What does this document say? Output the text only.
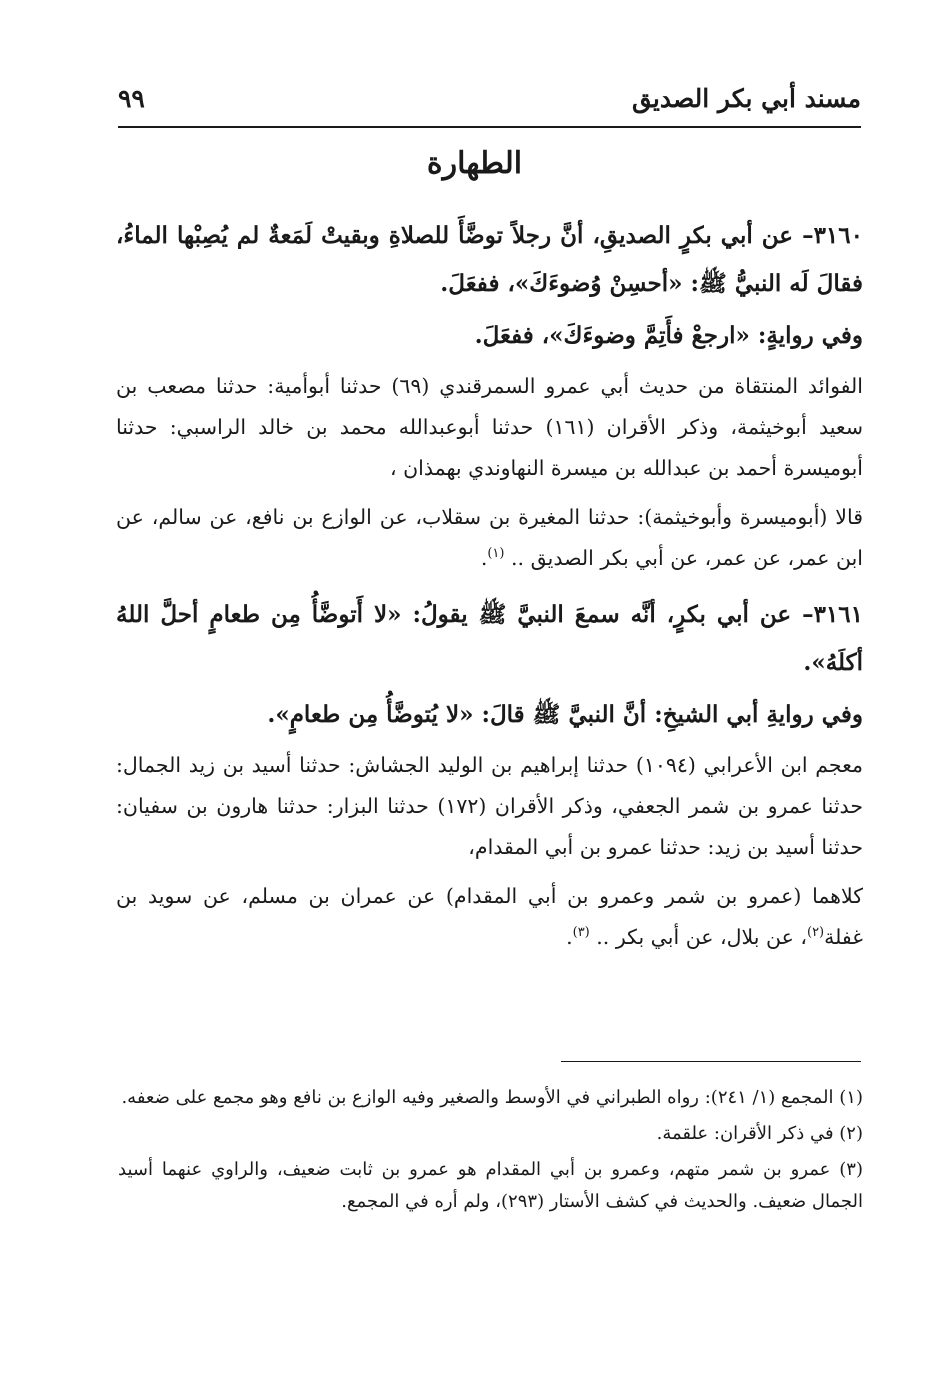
مسند أبي بكر الصديق
٩٩
الطهارة

٣١٦٠– عن أبي بكرٍ الصديقِ، أنَّ رجلاً توضَّأَ للصلاةِ وبقيتْ لَمَعةٌ لم يُصِبْها الماءُ، فقالَ لَه النبيُّ ﷺ: «أحسِنْ وُضوءَكَ»، ففعَلَ.

وفي روايةٍ: «ارجعْ فأَتِمَّ وضوءَكَ»، ففعَلَ.

الفوائد المنتقاة من حديث أبي عمرو السمرقندي (٦٩) حدثنا أبوأمية: حدثنا مصعب بن سعيد أبوخيثمة، وذكر الأقران (١٦١) حدثنا أبوعبدالله محمد بن خالد الراسبي: حدثنا أبوميسرة أحمد بن عبدالله بن ميسرة النهاوندي بهمذان ،

قالا (أبوميسرة وأبوخيثمة): حدثنا المغيرة بن سقلاب، عن الوازع بن نافع، عن سالم، عن ابن عمر، عن عمر، عن أبي بكر الصديق .. $^{(١)}$.

٣١٦١– عن أبي بكرٍ، أنَّه سمعَ النبيَّ ﷺ يقولُ: «لا أَتوضَّأُ مِن طعامٍ أحلَّ اللهُ أكلَهُ».

وفي روايةِ أبي الشيخِ: أنَّ النبيَّ ﷺ قالَ: «لا يُتوضَّأُ مِن طعامٍ».

معجم ابن الأعرابي (١٠٩٤) حدثنا إبراهيم بن الوليد الجشاش: حدثنا أسيد بن زيد الجمال: حدثنا عمرو بن شمر الجعفي، وذكر الأقران (١٧٢) حدثنا البزار: حدثنا هارون بن سفيان: حدثنا أسيد بن زيد: حدثنا عمرو بن أبي المقدام،

كلاهما (عمرو بن شمر وعمرو بن أبي المقدام) عن عمران بن مسلم، عن سويد بن غفلة$^{(٢)}$، عن بلال، عن أبي بكر .. $^{(٣)}$.

(١) المجمع (١/ ٢٤١): رواه الطبراني في الأوسط والصغير وفيه الوازع بن نافع وهو مجمع على ضعفه.

(٢) في ذكر الأقران: علقمة.

(٣) عمرو بن شمر متهم، وعمرو بن أبي المقدام هو عمرو بن ثابت ضعيف، والراوي عنهما أسيد الجمال ضعيف. والحديث في كشف الأستار (٢٩٣)، ولم أره في المجمع.
